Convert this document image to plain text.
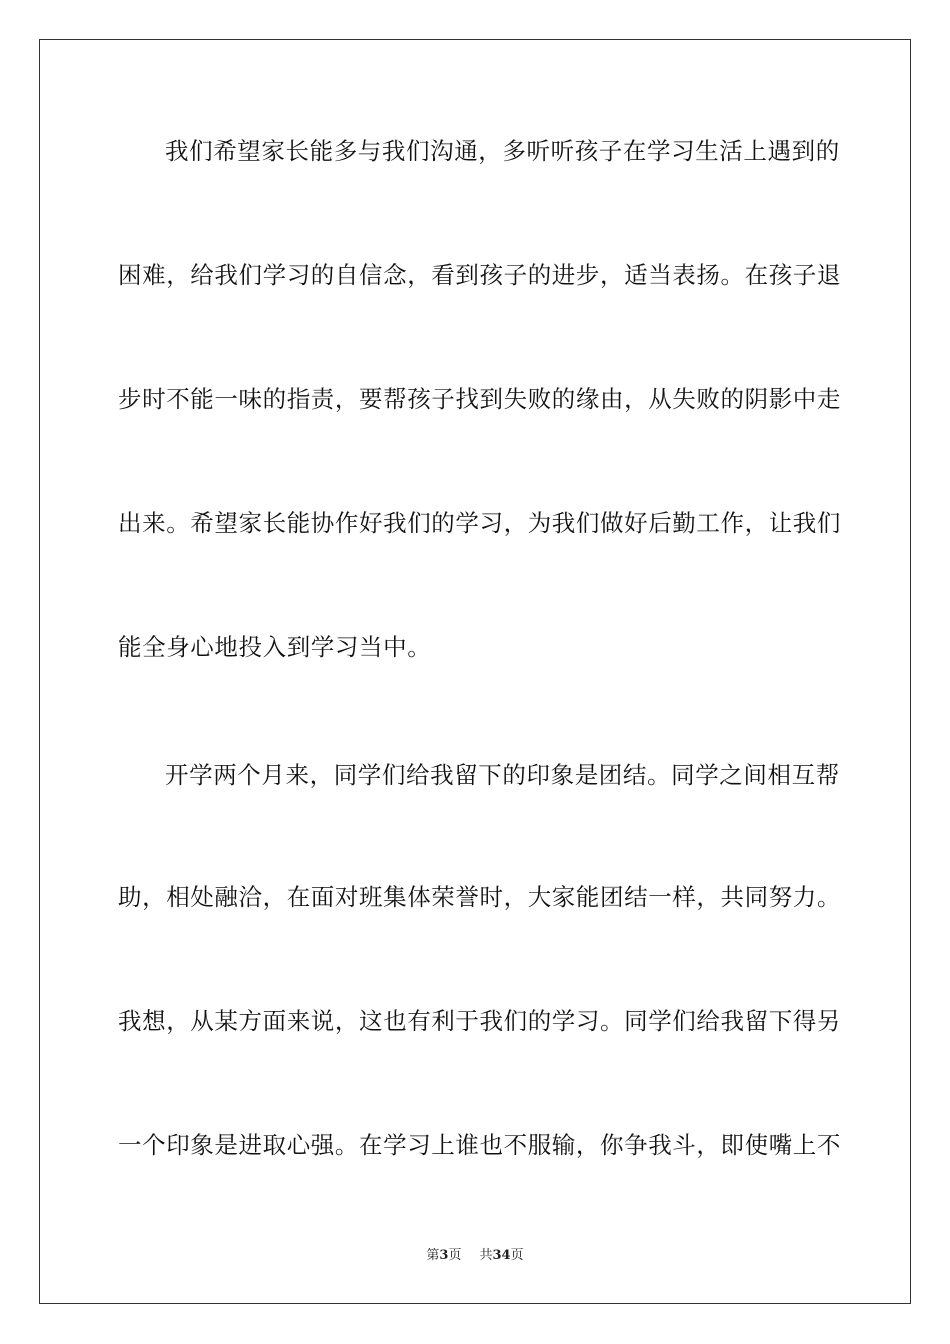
我们希望家长能多与我们沟通，多听听孩子在学习生活上遇到的
困难，给我们学习的自信念，看到孩子的进步，适当表扬。在孩子退
步时不能一味的指责，要帮孩子找到失败的缘由，从失败的阴影中走
出来。希望家长能协作好我们的学习，为我们做好后勤工作，让我们
能全身心地投入到学习当中。
开学两个月来，同学们给我留下的印象是团结。同学之间相互帮
助，相处融洽，在面对班集体荣誉时，大家能团结一样，共同努力。
我想，从某方面来说，这也有利于我们的学习。同学们给我留下得另
一个印象是进取心强。在学习上谁也不服输，你争我斗，即使嘴上不
第3页 共34页
